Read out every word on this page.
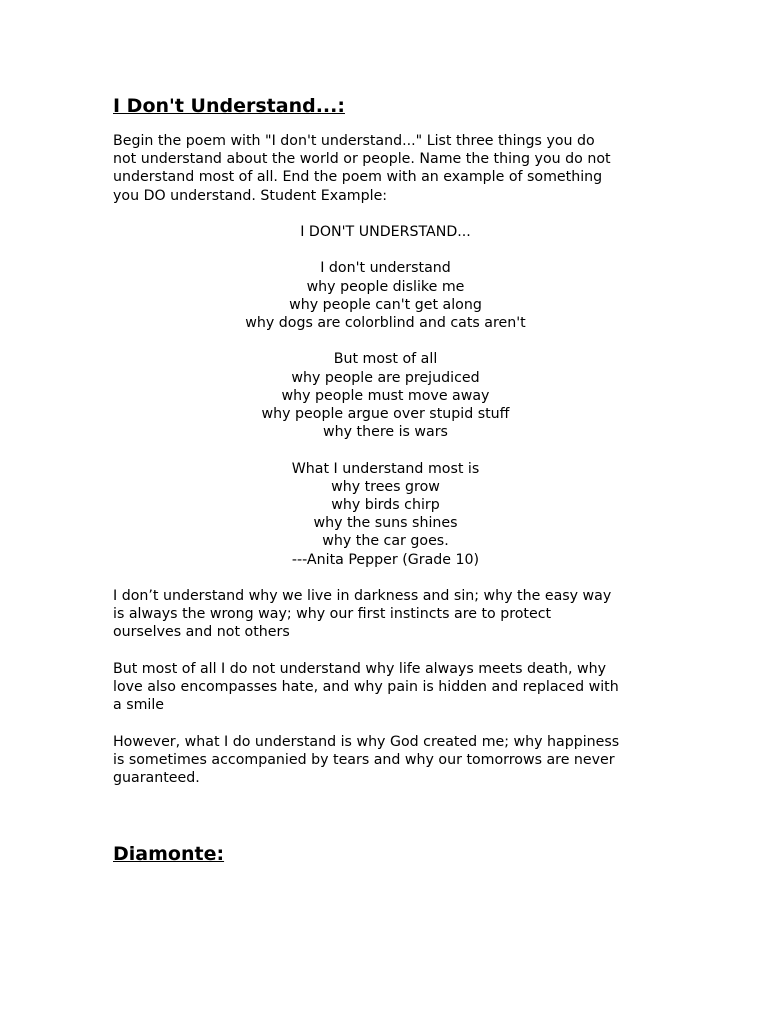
I Don't Understand...:

Begin the poem with "I don't understand..." List three things you do
not understand about the world or people. Name the thing you do not
understand most of all. End the poem with an example of something
you DO understand. Student Example:

I DON'T UNDERSTAND...
I don't understand
why people dislike me
why people can't get along
why dogs are colorblind and cats aren't
But most of all
why people are prejudiced
why people must move away
why people argue over stupid stuff
why there is wars
What I understand most is
why trees grow
why birds chirp
why the suns shines
why the car goes.
---Anita Pepper (Grade 10)

I don’t understand why we live in darkness and sin; why the easy way
is always the wrong way; why our first instincts are to protect
ourselves and not others

But most of all I do not understand why life always meets death, why
love also encompasses hate, and why pain is hidden and replaced with
a smile

However, what I do understand is why God created me; why happiness
is sometimes accompanied by tears and why our tomorrows are never
guaranteed.

Diamonte:
